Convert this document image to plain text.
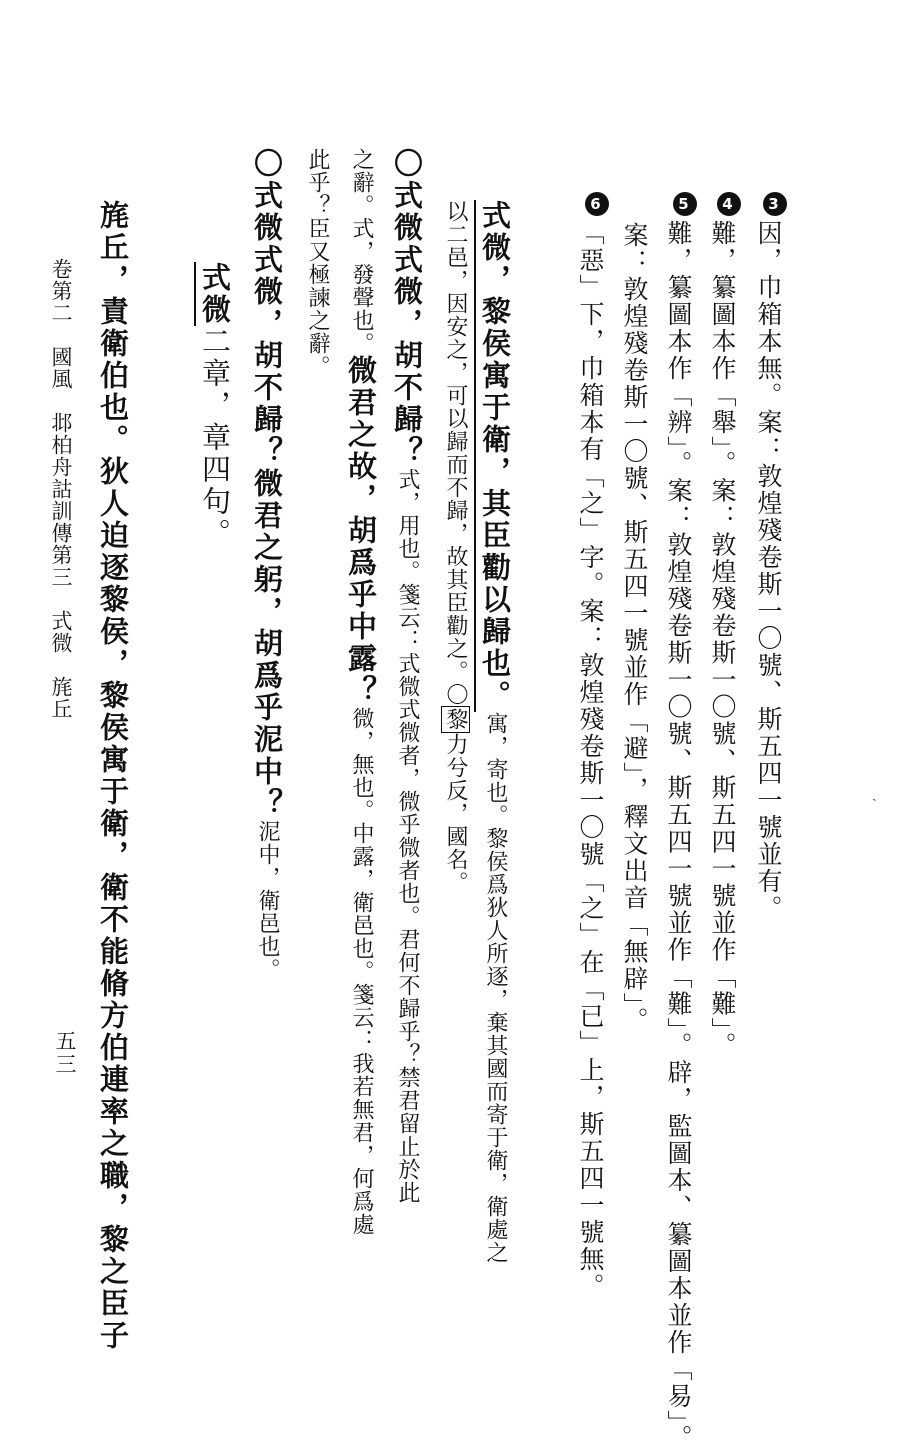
3因，巾箱本無。案：敦煌殘卷斯一〇號、斯五四一號並有。
4難，纂圖本作「舉」。案：敦煌殘卷斯一〇號、斯五四一號並作「難」。
5難，纂圖本作「辨」。案：敦煌殘卷斯一〇號、斯五四一號並作「難」。辟，監圖本、纂圖本並作「易」。
案：敦煌殘卷斯一〇號、斯五四一號並作「避」，釋文出音「無辟」。
6「惡」下，巾箱本有「之」字。案：敦煌殘卷斯一〇號「之」在「已」上，斯五四一號無。
式微，黎侯寓于衛，其臣勸以歸也。寓，寄也。黎侯爲狄人所逐，棄其國而寄于衛，衛處之
以二邑，因安之，可以歸而不歸，故其臣勸之。〇黎力兮反，國名。
〇式微式微，胡不歸？式，用也。箋云：式微式微者，微乎微者也。君何不歸乎？禁君留止於此
之辭。式，發聲也。微君之故，胡爲乎中露？微，無也。中露，衛邑也。箋云：我若無君，何爲處
此乎？臣又極諫之辭。
〇式微式微，胡不歸？微君之躬，胡爲乎泥中？泥中，衛邑也。
式微二章，章四句。
旄丘，責衛伯也。狄人迫逐黎侯，黎侯寓于衛，衛不能脩方伯連率之職，黎之臣子
卷第二　國風　邶柏舟詁訓傳第三　式微　旄丘
五三
ˏ
